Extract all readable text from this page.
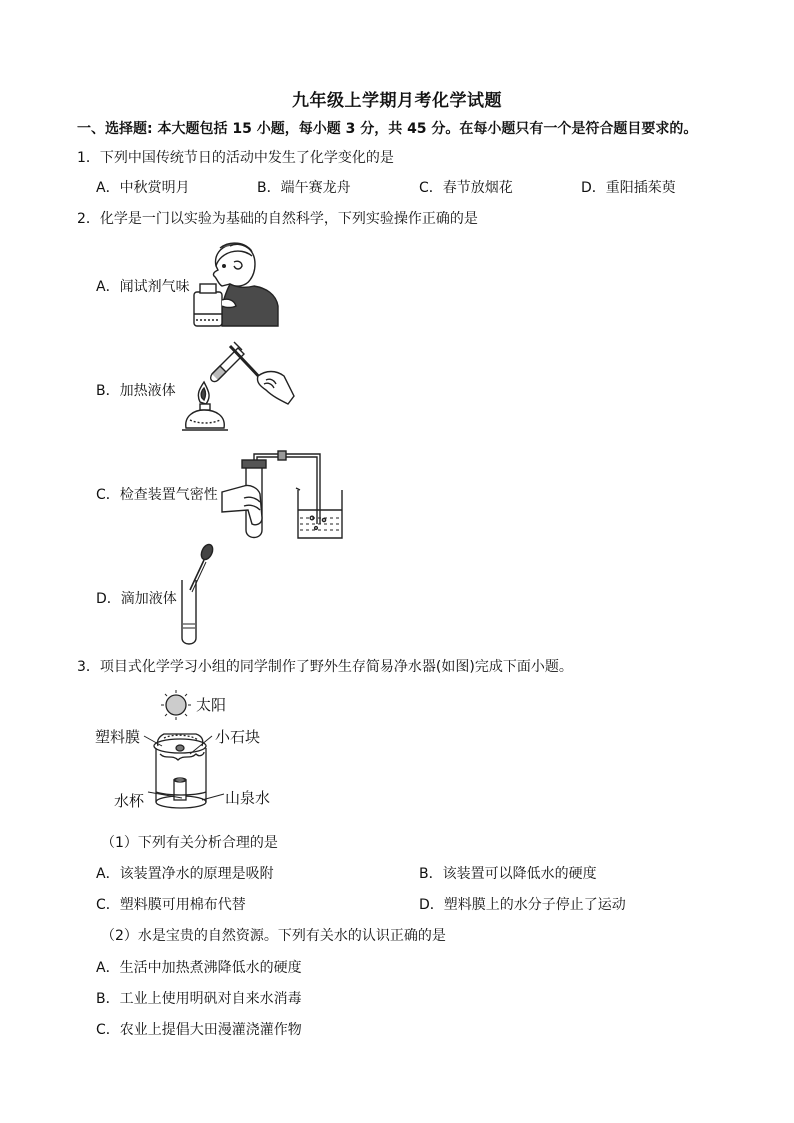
九年级上学期月考化学试题
一、选择题: 本大题包括 15 小题，每小题 3 分，共 45 分。在每小题只有一个是符合题目要求的。
1．下列中国传统节日的活动中发生了化学变化的是
A．中秋赏明月	B．端午赛龙舟	C．春节放烟花	D．重阳插茱萸
2．化学是一门以实验为基础的自然科学，下列实验操作正确的是
A．闻试剂气味
B．加热液体
C．检查装置气密性
D．滴加液体
3．项目式化学学习小组的同学制作了野外生存简易净水器(如图)完成下面小题。
太阳
塑料膜	小石块
水杯	山泉水
（1）下列有关分析合理的是
A．该装置净水的原理是吸附	B．该装置可以降低水的硬度
C．塑料膜可用棉布代替	D．塑料膜上的水分子停止了运动
（2）水是宝贵的自然资源。下列有关水的认识正确的是
A．生活中加热煮沸降低水的硬度
B．工业上使用明矾对自来水消毒
C．农业上提倡大田漫灌浇灌作物
